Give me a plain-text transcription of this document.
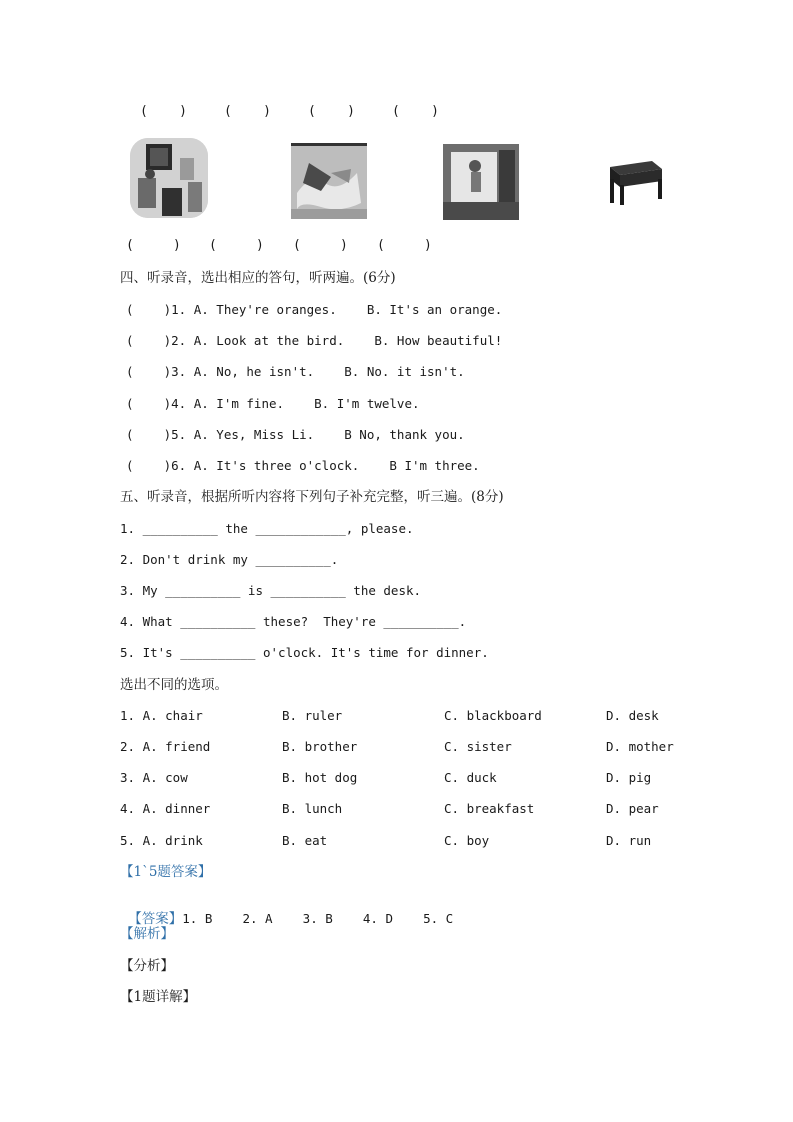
(    )	(    )	(    )	(    )
(     ) (     ) (     ) (     )
四、听录音，选出相应的答句，听两遍。(6分)
(    )1. A. They're oranges.    B. It's an orange.
(    )2. A. Look at the bird.    B. How beautiful!
(    )3. A. No, he isn't.    B. No. it isn't.
(    )4. A. I'm fine.    B. I'm twelve.
(    )5. A. Yes, Miss Li.    B No, thank you.
(    )6. A. It's three o'clock.    B I'm three.
五、听录音，根据所听内容将下列句子补充完整，听三遍。(8分)
1. __________ the ____________, please.
2. Don't drink my __________.
3. My __________ is __________ the desk.
4. What __________ these?  They're __________.
5. It's __________ o'clock. It's time for dinner.
选出不同的选项。
1. A. chair	B. ruler	C. blackboard	D. desk
2. A. friend	B. brother	C. sister	D. mother
3. A. cow	B. hot dog	C. duck	D. pig
4. A. dinner	B. lunch	C. breakfast	D. pear
5. A. drink	B. eat	C. boy	D. run
【1`5题答案】

【答案】1. B    2. A    3. B    4. D    5. C

【解析】
【分析】
【1题详解】
